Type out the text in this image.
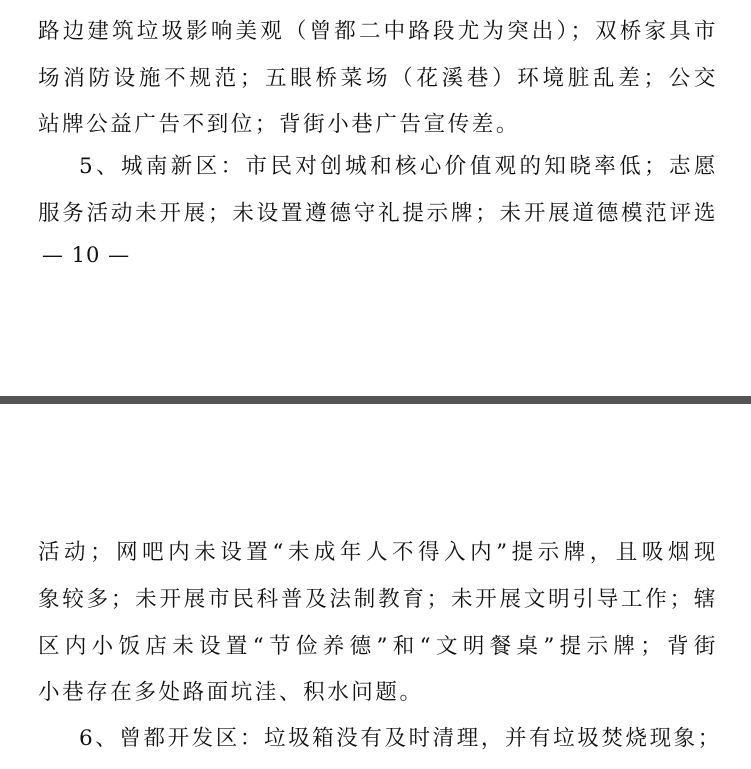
路边建筑垃圾影响美观（曾都二中路段尤为突出）；双桥家具市
场消防设施不规范；五眼桥菜场（花溪巷）环境脏乱差；公交
站牌公益广告不到位；背街小巷广告宣传差。
5、城南新区：市民对创城和核心价值观的知晓率低；志愿
服务活动未开展；未设置遵德守礼提示牌；未开展道德模范评选
— 10 —
活动；网吧内未设置“未成年人不得入内”提示牌，且吸烟现
象较多；未开展市民科普及法制教育；未开展文明引导工作；辖
区内小饭店未设置“节俭养德”和“文明餐桌”提示牌；背街
小巷存在多处路面坑洼、积水问题。
6、曾都开发区：垃圾箱没有及时清理，并有垃圾焚烧现象；
